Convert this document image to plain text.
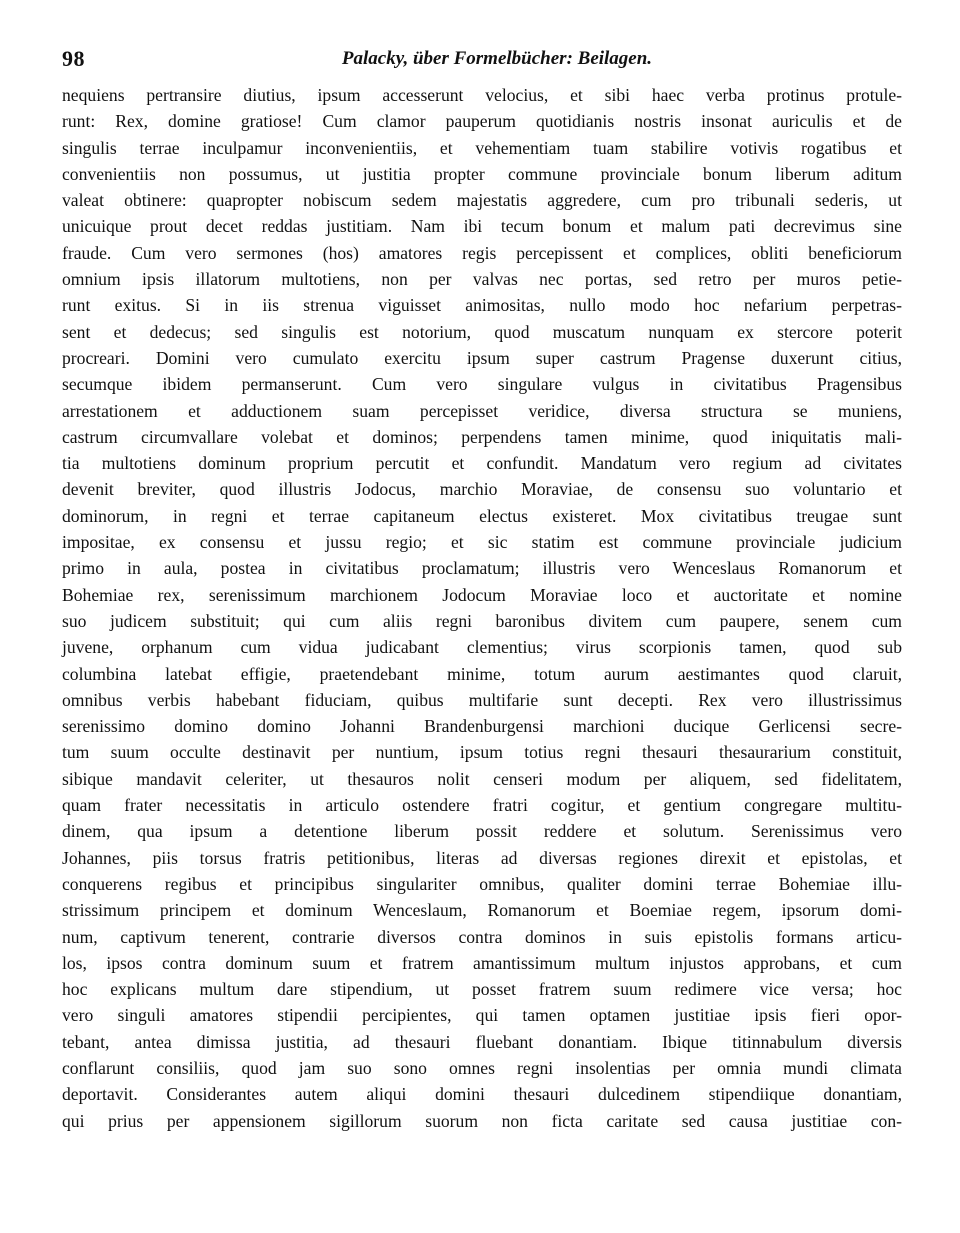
98	Palacky, über Formelbücher: Beilagen.
nequiens pertransire diutius, ipsum accesserunt velocius, et sibi haec verba protinus protule-
runt: Rex, domine gratiose! Cum clamor pauperum quotidianis nostris insonat auriculis et de
singulis terrae inculpamur inconvenientiis, et vehementiam tuam stabilire votivis rogatibus et
convenientiis non possumus, ut justitia propter commune provinciale bonum liberum aditum
valeat obtinere: quapropter nobiscum sedem majestatis aggredere, cum pro tribunali sederis, ut
unicuique prout decet reddas justitiam. Nam ibi tecum bonum et malum pati decrevimus sine
fraude. Cum vero sermones (hos) amatores regis percepissent et complices, obliti beneficiorum
omnium ipsis illatorum multotiens, non per valvas nec portas, sed retro per muros petie-
runt exitus. Si in iis strenua viguisset animositas, nullo modo hoc nefarium perpetras-
sent et dedecus; sed singulis est notorium, quod muscatum nunquam ex stercore poterit
procreari. Domini vero cumulato exercitu ipsum super castrum Pragense duxerunt citius,
secumque ibidem permanserunt. Cum vero singulare vulgus in civitatibus Pragensibus
arrestationem et adductionem suam percepisset veridice, diversa structura se muniens,
castrum circumvallare volebat et dominos; perpendens tamen minime, quod iniquitatis mali-
tia multotiens dominum proprium percutit et confundit. Mandatum vero regium ad civitates
devenit breviter, quod illustris Jodocus, marchio Moraviae, de consensu suo voluntario et
dominorum, in regni et terrae capitaneum electus existeret. Mox civitatibus treugae sunt
impositae, ex consensu et jussu regio; et sic statim est commune provinciale judicium
primo in aula, postea in civitatibus proclamatum; illustris vero Wenceslaus Romanorum et
Bohemiae rex, serenissimum marchionem Jodocum Moraviae loco et auctoritate et nomine
suo judicem substituit; qui cum aliis regni baronibus divitem cum paupere, senem cum
juvene, orphanum cum vidua judicabant clementius; virus scorpionis tamen, quod sub
columbina latebat effigie, praetendebant minime, totum aurum aestimantes quod claruit,
omnibus verbis habebant fiduciam, quibus multifarie sunt decepti. Rex vero illustrissimus
serenissimo domino domino Johanni Brandenburgensi marchioni ducique Gerlicensi secre-
tum suum occulte destinavit per nuntium, ipsum totius regni thesauri thesaurarium constituit,
sibique mandavit celeriter, ut thesauros nolit censeri modum per aliquem, sed fidelitatem,
quam frater necessitatis in articulo ostendere fratri cogitur, et gentium congregare multitu-
dinem, qua ipsum a detentione liberum possit reddere et solutum. Serenissimus vero
Johannes, piis torsus fratris petitionibus, literas ad diversas regiones direxit et epistolas, et
conquerens regibus et principibus singulariter omnibus, qualiter domini terrae Bohemiae illu-
strissimum principem et dominum Wenceslaum, Romanorum et Boemiae regem, ipsorum domi-
num, captivum tenerent, contrarie diversos contra dominos in suis epistolis formans articu-
los, ipsos contra dominum suum et fratrem amantissimum multum injustos approbans, et cum
hoc explicans multum dare stipendium, ut posset fratrem suum redimere vice versa; hoc
vero singuli amatores stipendii percipientes, qui tamen optamen justitiae ipsis fieri opor-
tebant, antea dimissa justitia, ad thesauri fluebant donantiam. Ibique titinnabulum diversis
conflarunt consiliis, quod jam suo sono omnes regni insolentias per omnia mundi climata
deportavit. Considerantes autem aliqui domini thesauri dulcedinem stipendiique donantiam,
qui prius per appensionem sigillorum suorum non ficta caritate sed causa justitiae con-
